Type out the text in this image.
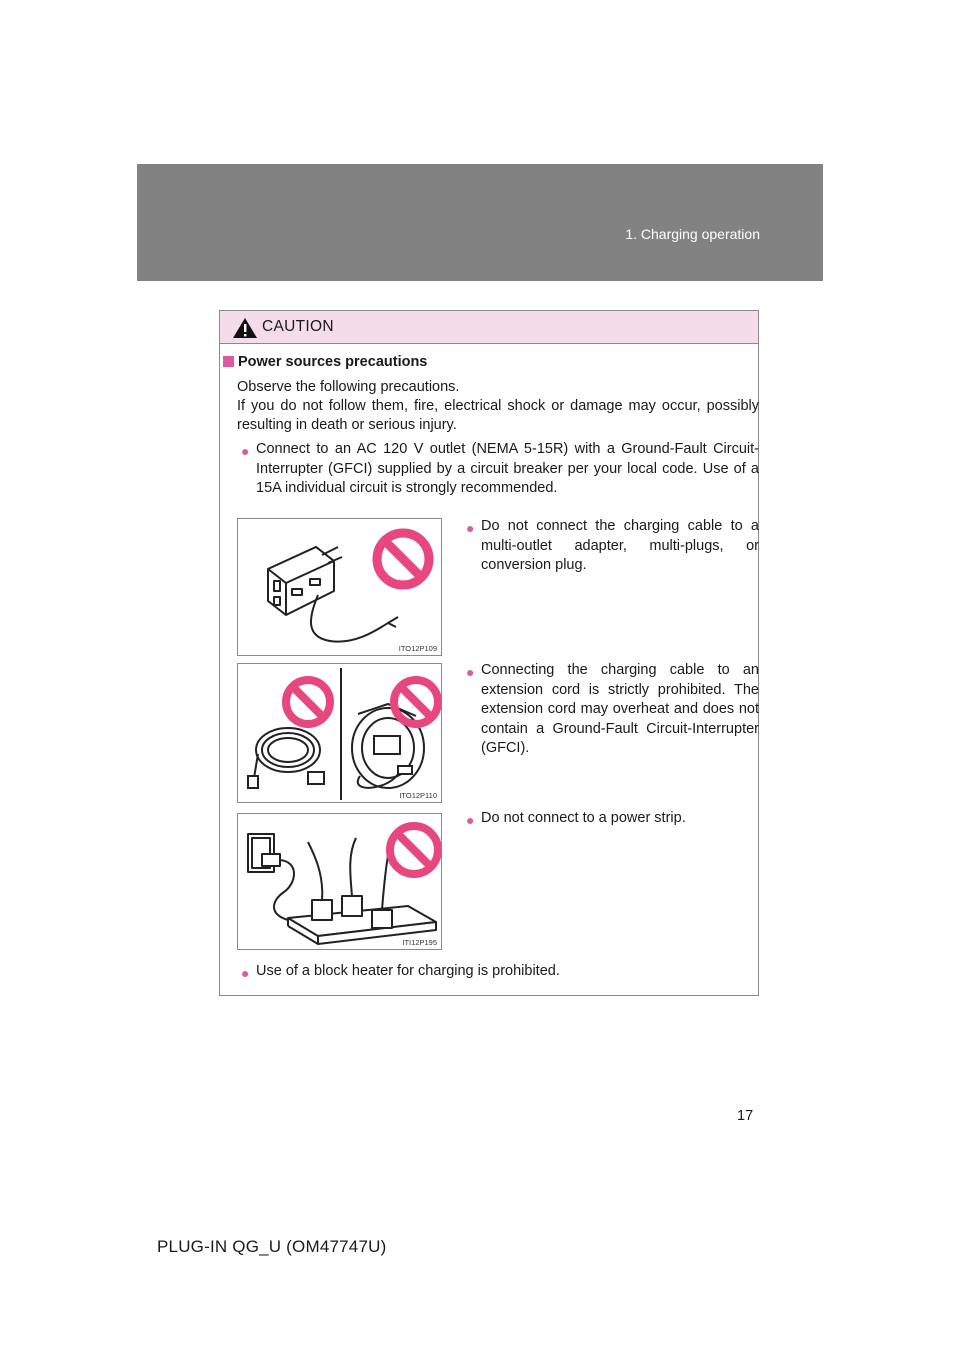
1. Charging operation
CAUTION
Power sources precautions
Observe the following precautions.
If you do not follow them, fire, electrical shock or damage may occur, possibly resulting in death or serious injury.
● Connect to an AC 120 V outlet (NEMA 5-15R) with a Ground-Fault Circuit-Interrupter (GFCI) supplied by a circuit breaker per your local code. Use of a 15A individual circuit is strongly recommended.
ITO12P109
● Do not connect the charging cable to a multi-outlet adapter, multi-plugs, or conversion plug.
ITO12P110
● Connecting the charging cable to an extension cord is strictly prohibited. The extension cord may overheat and does not contain a Ground-Fault Circuit-Interrupter (GFCI).
ITI12P195
● Do not connect to a power strip.
● Use of a block heater for charging is prohibited.
17
PLUG-IN QG_U (OM47747U)
